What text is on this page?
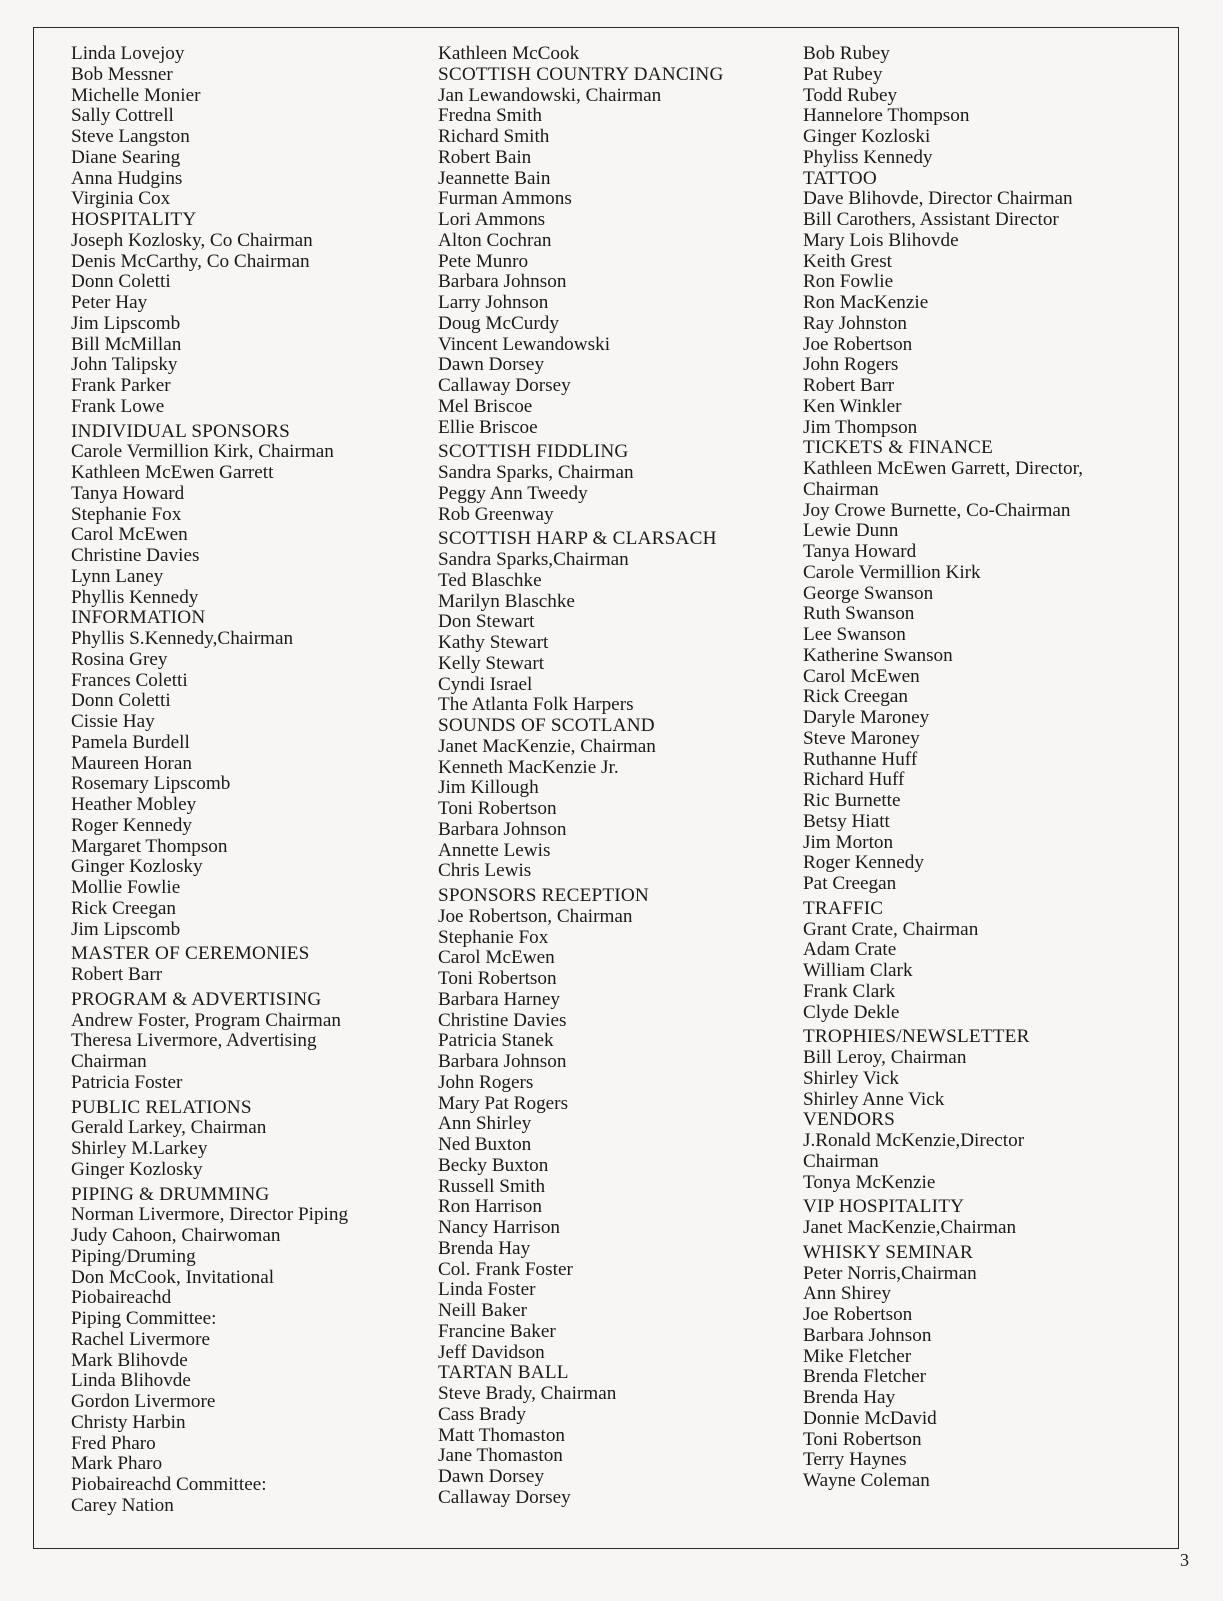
Linda Lovejoy
Bob Messner
Michelle Monier
Sally Cottrell
Steve Langston
Diane Searing
Anna Hudgins
Virginia Cox
HOSPITALITY
Joseph Kozlosky, Co Chairman
Denis McCarthy, Co Chairman
Donn Coletti
Peter Hay
Jim Lipscomb
Bill McMillan
John Talipsky
Frank Parker
Frank Lowe
INDIVIDUAL SPONSORS
Carole Vermillion Kirk, Chairman
Kathleen McEwen Garrett
Tanya Howard
Stephanie Fox
Carol McEwen
Christine Davies
Lynn Laney
Phyllis Kennedy
INFORMATION
Phyllis S.Kennedy,Chairman
Rosina Grey
Frances Coletti
Donn Coletti
Cissie Hay
Pamela Burdell
Maureen Horan
Rosemary Lipscomb
Heather Mobley
Roger Kennedy
Margaret Thompson
Ginger Kozlosky
Mollie Fowlie
Rick Creegan
Jim Lipscomb
MASTER OF CEREMONIES
Robert Barr
PROGRAM & ADVERTISING
Andrew Foster, Program Chairman
Theresa Livermore, Advertising
Chairman
Patricia Foster
PUBLIC RELATIONS
Gerald Larkey, Chairman
Shirley M.Larkey
Ginger Kozlosky
PIPING & DRUMMING
Norman Livermore, Director Piping
Judy Cahoon, Chairwoman
Piping/Druming
Don McCook, Invitational
Piobaireachd
Piping Committee:
Rachel Livermore
Mark Blihovde
Linda Blihovde
Gordon Livermore
Christy Harbin
Fred Pharo
Mark Pharo
Piobaireachd Committee:
Carey Nation
Kathleen McCook
SCOTTISH COUNTRY DANCING
Jan Lewandowski, Chairman
Fredna Smith
Richard Smith
Robert Bain
Jeannette Bain
Furman Ammons
Lori Ammons
Alton Cochran
Pete Munro
Barbara Johnson
Larry Johnson
Doug McCurdy
Vincent Lewandowski
Dawn Dorsey
Callaway Dorsey
Mel Briscoe
Ellie Briscoe
SCOTTISH FIDDLING
Sandra Sparks, Chairman
Peggy Ann Tweedy
Rob Greenway
SCOTTISH HARP & CLARSACH
Sandra Sparks,Chairman
Ted Blaschke
Marilyn Blaschke
Don Stewart
Kathy Stewart
Kelly Stewart
Cyndi Israel
The Atlanta Folk Harpers
SOUNDS OF SCOTLAND
Janet MacKenzie, Chairman
Kenneth MacKenzie Jr.
Jim Killough
Toni Robertson
Barbara Johnson
Annette Lewis
Chris Lewis
SPONSORS RECEPTION
Joe Robertson, Chairman
Stephanie Fox
Carol McEwen
Toni Robertson
Barbara Harney
Christine Davies
Patricia Stanek
Barbara Johnson
John Rogers
Mary Pat Rogers
Ann Shirley
Ned Buxton
Becky Buxton
Russell Smith
Ron Harrison
Nancy Harrison
Brenda Hay
Col. Frank Foster
Linda Foster
Neill Baker
Francine Baker
Jeff Davidson
TARTAN BALL
Steve Brady, Chairman
Cass Brady
Matt Thomaston
Jane Thomaston
Dawn Dorsey
Callaway Dorsey
Bob Rubey
Pat Rubey
Todd Rubey
Hannelore Thompson
Ginger Kozloski
Phyliss Kennedy
TATTOO
Dave Blihovde, Director Chairman
Bill Carothers, Assistant Director
Mary Lois Blihovde
Keith Grest
Ron Fowlie
Ron MacKenzie
Ray Johnston
Joe Robertson
John Rogers
Robert Barr
Ken Winkler
Jim Thompson
TICKETS & FINANCE
Kathleen McEwen Garrett, Director,
Chairman
Joy Crowe Burnette, Co-Chairman
Lewie Dunn
Tanya Howard
Carole Vermillion Kirk
George Swanson
Ruth Swanson
Lee Swanson
Katherine Swanson
Carol McEwen
Rick Creegan
Daryle Maroney
Steve Maroney
Ruthanne Huff
Richard Huff
Ric Burnette
Betsy Hiatt
Jim Morton
Roger Kennedy
Pat Creegan
TRAFFIC
Grant Crate, Chairman
Adam Crate
William Clark
Frank Clark
Clyde Dekle
TROPHIES/NEWSLETTER
Bill Leroy, Chairman
Shirley Vick
Shirley Anne Vick
VENDORS
J.Ronald McKenzie,Director
Chairman
Tonya McKenzie
VIP HOSPITALITY
Janet MacKenzie,Chairman
WHISKY SEMINAR
Peter Norris,Chairman
Ann Shirey
Joe Robertson
Barbara Johnson
Mike Fletcher
Brenda Fletcher
Brenda Hay
Donnie McDavid
Toni Robertson
Terry Haynes
Wayne Coleman
3
